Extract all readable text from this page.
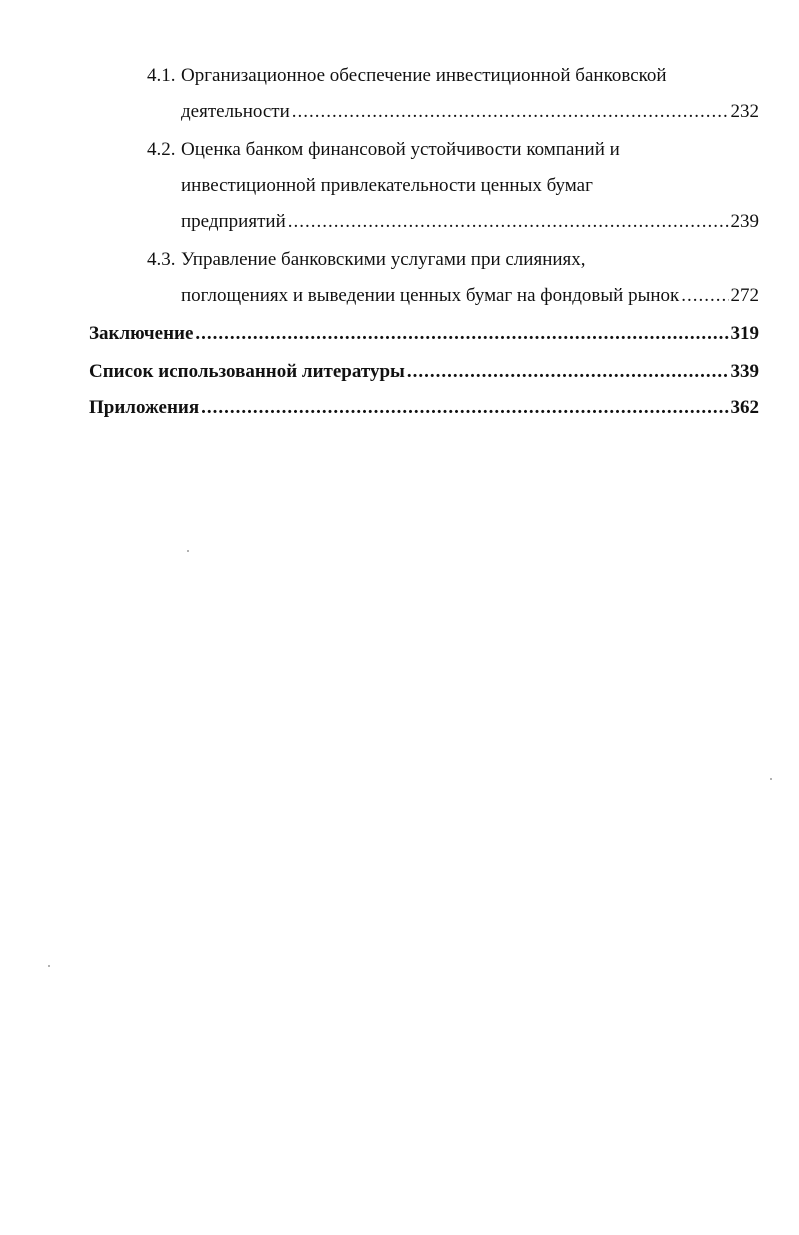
4.1. Организационное обеспечение инвестиционной банковской
деятельности .....	232
4.2. Оценка банком финансовой устойчивости компаний и
инвестиционной привлекательности ценных бумаг
предприятий .....	239
4.3. Управление банковскими услугами при слияниях,
поглощениях и выведении ценных бумаг на фондовый рынок .....	272
Заключение .....	319
Список использованной литературы .....	339
Приложения .....	362
